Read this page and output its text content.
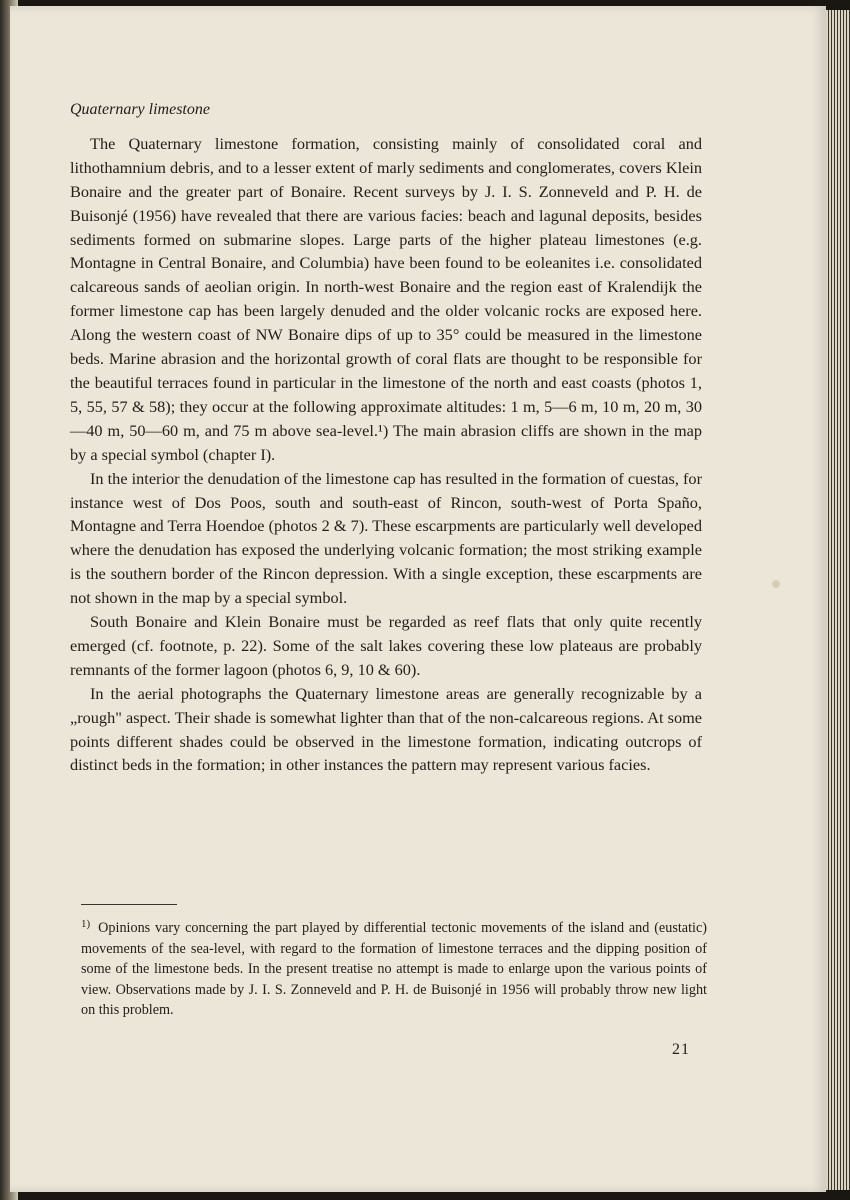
Quaternary limestone

The Quaternary limestone formation, consisting mainly of consolidated coral and lithothamnium debris, and to a lesser extent of marly sediments and conglomerates, covers Klein Bonaire and the greater part of Bonaire. Recent surveys by J. I. S. Zonneveld and P. H. de Buisonjé (1956) have revealed that there are various facies: beach and lagunal deposits, besides sediments formed on submarine slopes. Large parts of the higher plateau limestones (e.g. Montagne in Central Bonaire, and Columbia) have been found to be eoleanites i.e. consolidated calcareous sands of aeolian origin. In north-west Bonaire and the region east of Kralendijk the former limestone cap has been largely denuded and the older volcanic rocks are exposed here. Along the western coast of NW Bonaire dips of up to 35° could be measured in the limestone beds. Marine abrasion and the horizontal growth of coral flats are thought to be responsible for the beautiful terraces found in particular in the limestone of the north and east coasts (photos 1, 5, 55, 57 & 58); they occur at the following approximate altitudes: 1 m, 5—6 m, 10 m, 20 m, 30—40 m, 50—60 m, and 75 m above sea-level.¹) The main abrasion cliffs are shown in the map by a special symbol (chapter I).

In the interior the denudation of the limestone cap has resulted in the formation of cuestas, for instance west of Dos Poos, south and south-east of Rincon, south-west of Porta Spaño, Montagne and Terra Hoendoe (photos 2 & 7). These escarpments are particularly well developed where the denudation has exposed the underlying volcanic formation; the most striking example is the southern border of the Rincon depression. With a single exception, these escarpments are not shown in the map by a special symbol.

South Bonaire and Klein Bonaire must be regarded as reef flats that only quite recently emerged (cf. footnote, p. 22). Some of the salt lakes covering these low plateaus are probably remnants of the former lagoon (photos 6, 9, 10 & 60).

In the aerial photographs the Quaternary limestone areas are generally recognizable by a „rough" aspect. Their shade is somewhat lighter than that of the non-calcareous regions. At some points different shades could be observed in the limestone formation, indicating outcrops of distinct beds in the formation; in other instances the pattern may represent various facies.

$^{1)}$ Opinions vary concerning the part played by differential tectonic movements of the island and (eustatic) movements of the sea-level, with regard to the formation of limestone terraces and the dipping position of some of the limestone beds. In the present treatise no attempt is made to enlarge upon the various points of view. Observations made by J. I. S. Zonneveld and P. H. de Buisonjé in 1956 will probably throw new light on this problem.
21
